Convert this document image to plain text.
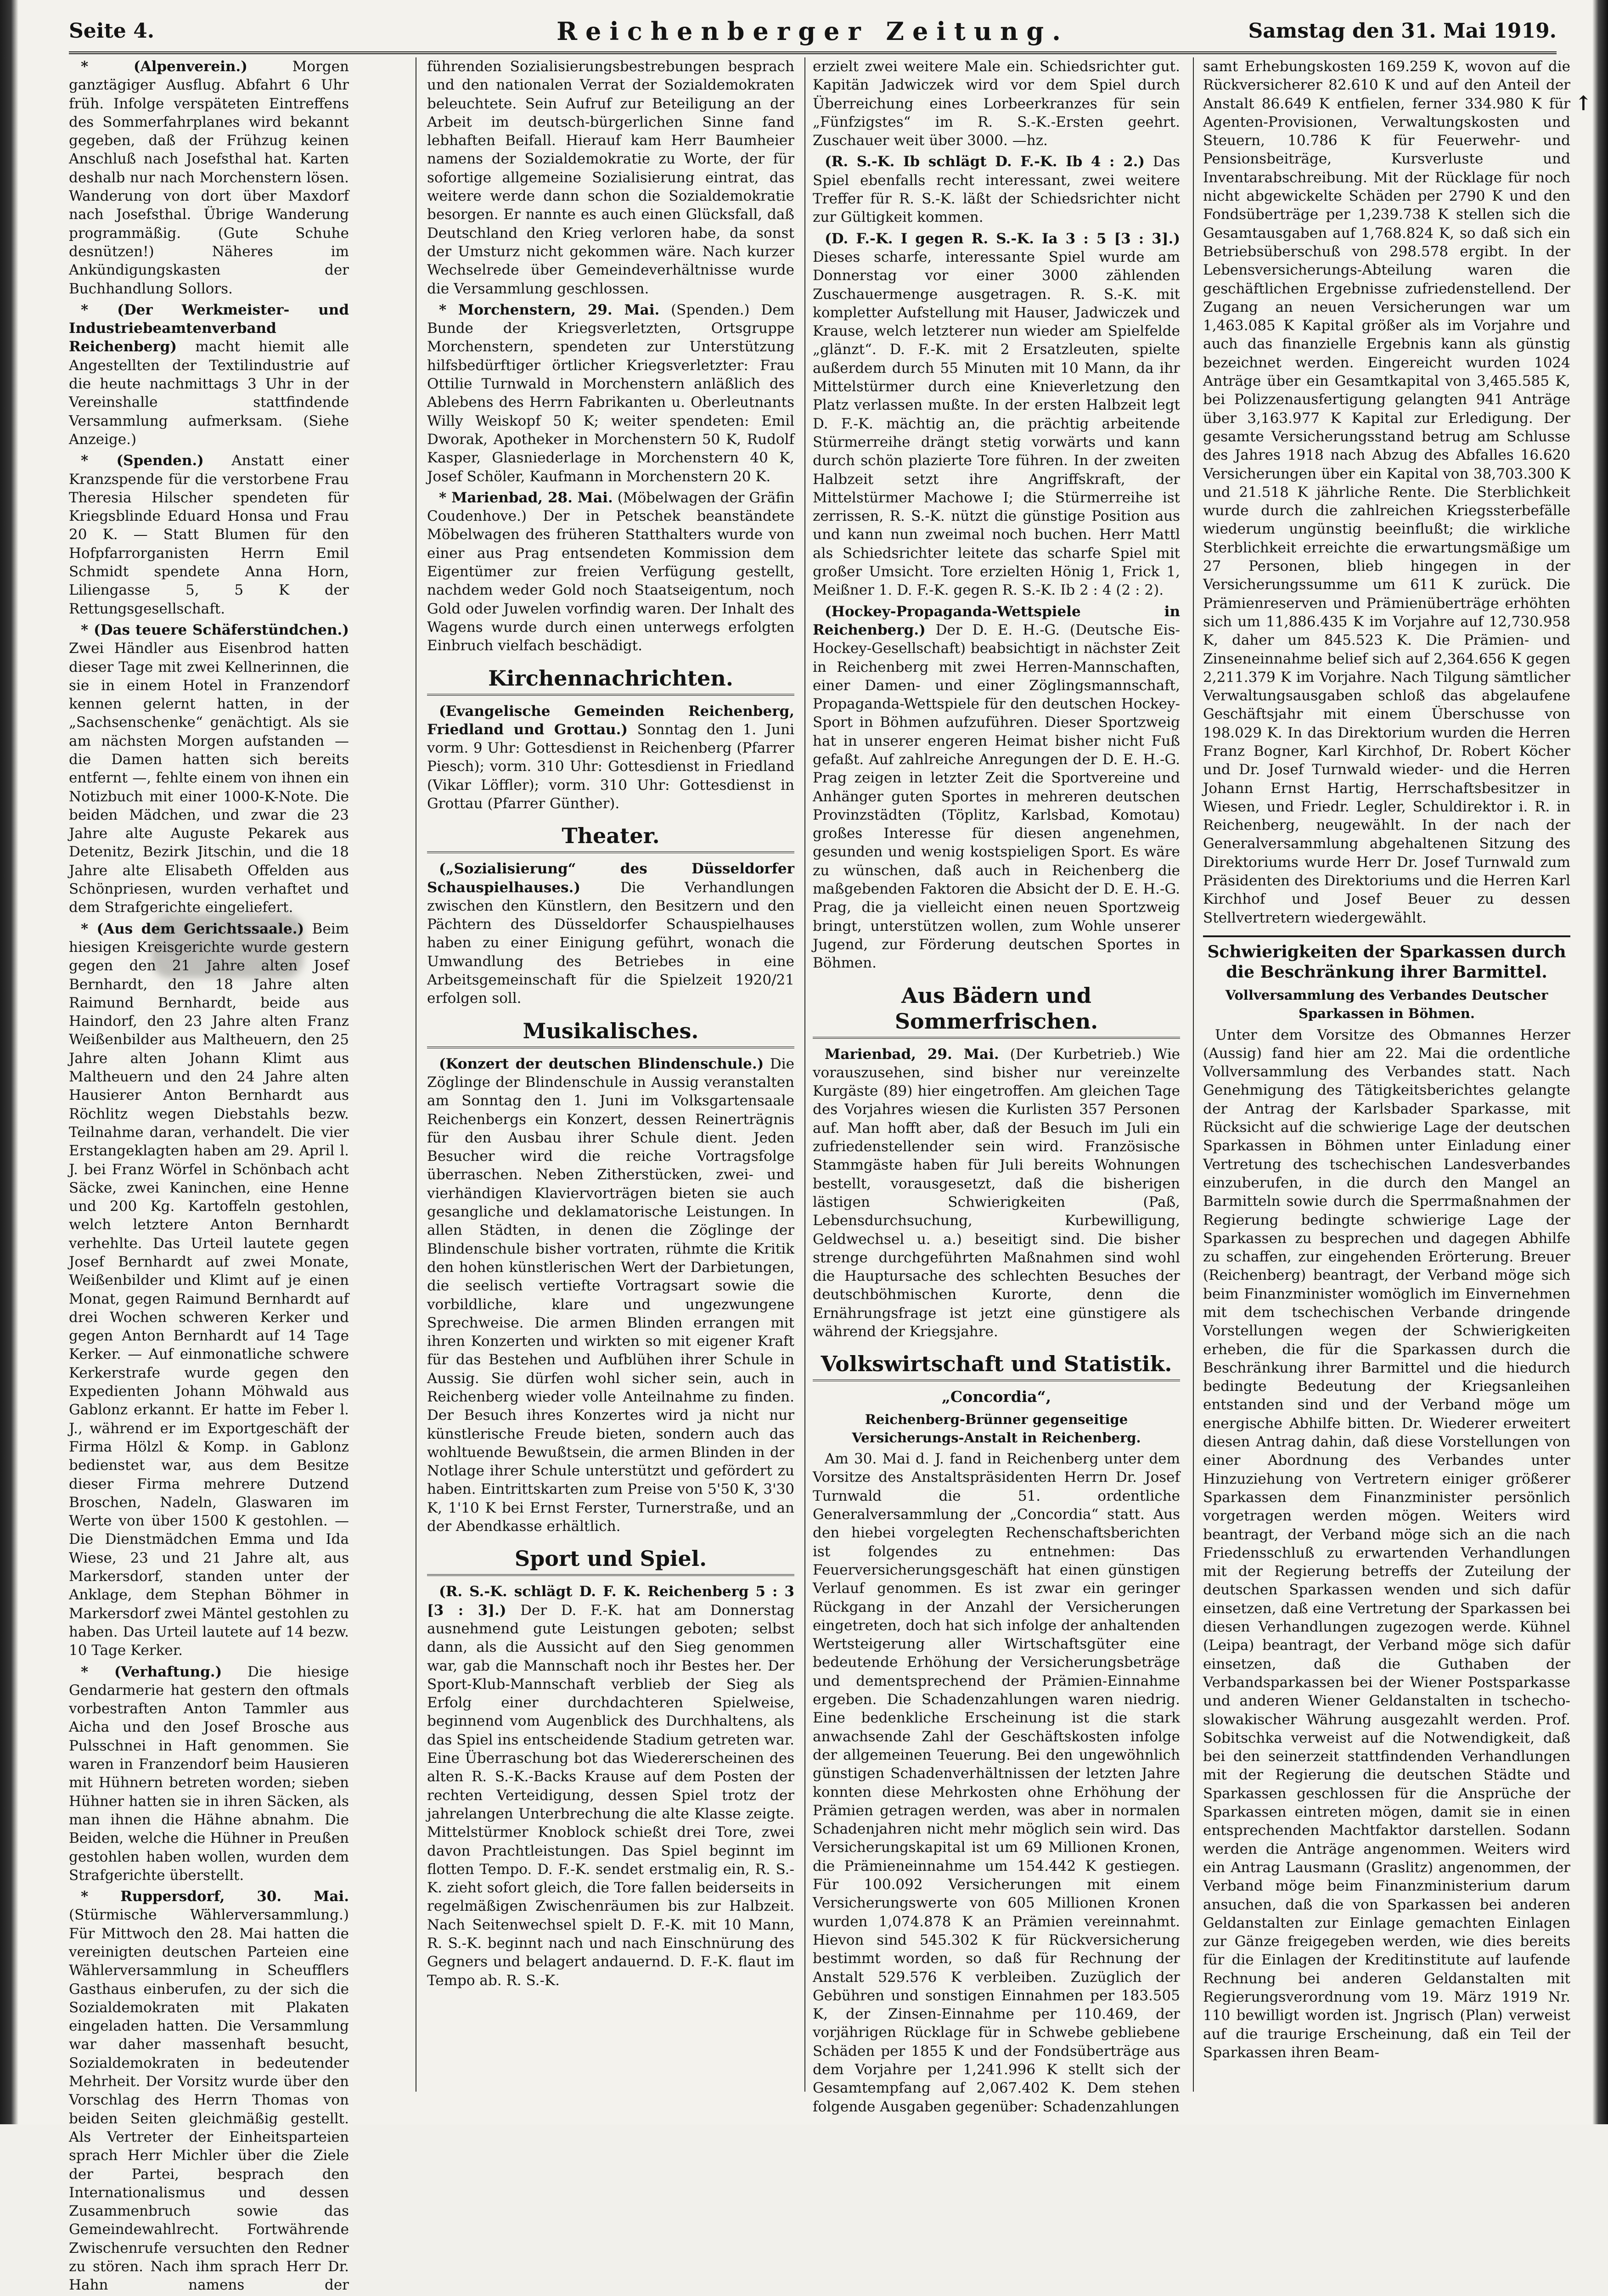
Seite 4.	Reichenberger Zeitung.	Samstag den 31. Mai 1919.
↑

* (Alpenverein.)	Morgen ganztägiger Ausflug. Abfahrt 6 Uhr früh. Infolge verspäteten Eintreffens des Sommerfahrplanes wird bekannt gegeben, daß der Frühzug keinen Anschluß nach Josefsthal hat. Karten deshalb nur nach Morchenstern lösen. Wanderung von dort über Maxdorf nach Josefsthal. Übrige Wanderung programmäßig. (Gute Schuhe desnützen!) Näheres im Ankündigungskasten der Buchhandlung Sollors.

* (Der Werkmeister- und Industriebeamtenverband Reichenberg) macht hiemit alle Angestellten der Textilindustrie auf die heute nachmittags 3 Uhr in der Vereinshalle stattfindende Versammlung aufmerksam. (Siehe Anzeige.)

* (Spenden.) Anstatt einer Kranzspende für die verstorbene Frau Theresia Hilscher spendeten für Kriegsblinde Eduard Honsa und Frau 20 K. — Statt Blumen für den Hofpfarrorganisten Herrn Emil Schmidt spendete Anna Horn, Liliengasse 5, 5 K der Rettungsgesellschaft.

* (Das teuere Schäferstündchen.) Zwei Händler aus Eisenbrod hatten dieser Tage mit zwei Kellnerinnen, die sie in einem Hotel in Franzendorf kennen gelernt hatten, in der „Sachsenschenke“ genächtigt. Als sie am nächsten Morgen aufstanden — die Damen hatten sich bereits entfernt —, fehlte einem von ihnen ein Notizbuch mit einer 1000-K-Note. Die beiden Mädchen, und zwar die 23 Jahre alte Auguste Pekarek aus Detenitz, Bezirk Jitschin, und die 18 Jahre alte Elisabeth Offelden aus Schönpriesen, wurden verhaftet und dem Strafgerichte eingeliefert.

* (Aus dem Gerichtssaale.) Beim hiesigen Kreisgerichte wurde gestern gegen den 21 Jahre alten Josef Bernhardt, den 18 Jahre alten Raimund Bernhardt, beide aus Haindorf, den 23 Jahre alten Franz Weißenbilder aus Maltheuern, den 25 Jahre alten Johann Klimt aus Maltheuern und den 24 Jahre alten Hausierer Anton Bernhardt aus Röchlitz wegen Diebstahls bezw. Teilnahme daran, verhandelt. Die vier Erstangeklagten haben am 29. April l. J. bei Franz Wörfel in Schönbach acht Säcke, zwei Kaninchen, eine Henne und 200 Kg. Kartoffeln gestohlen, welch letztere Anton Bernhardt verhehlte. Das Urteil lautete gegen Josef Bernhardt auf zwei Monate, Weißenbilder und Klimt auf je einen Monat, gegen Raimund Bernhardt auf drei Wochen schweren Kerker und gegen Anton Bernhardt auf 14 Tage Kerker. — Auf einmonatliche schwere Kerkerstrafe wurde gegen den Expedienten Johann Möhwald aus Gablonz erkannt. Er hatte im Feber l. J., während er im Exportgeschäft der Firma Hölzl & Komp. in Gablonz bedienstet war, aus dem Besitze dieser Firma mehrere Dutzend Broschen, Nadeln, Glaswaren im Werte von über 1500 K gestohlen. — Die Dienstmädchen Emma und Ida Wiese, 23 und 21 Jahre alt, aus Markersdorf, standen unter der Anklage, dem Stephan Böhmer in Markersdorf zwei Mäntel gestohlen zu haben. Das Urteil lautete auf 14 bezw. 10 Tage Kerker.

* (Verhaftung.) Die hiesige Gendarmerie hat gestern den oftmals vorbestraften Anton Tammler aus Aicha und den Josef Brosche aus Pulsschnei in Haft genommen. Sie waren in Franzendorf beim Hausieren mit Hühnern betreten worden; sieben Hühner hatten sie in ihren Säcken, als man ihnen die Hähne abnahm. Die Beiden, welche die Hühner in Preußen gestohlen haben wollen, wurden dem Strafgerichte überstellt.

* Ruppersdorf, 30. Mai. (Stürmische Wählerversammlung.) Für Mittwoch den 28. Mai hatten die vereinigten deutschen Parteien eine Wählerversammlung in Scheufflers Gasthaus einberufen, zu der sich die Sozialdemokraten mit Plakaten eingeladen hatten. Die Versammlung war daher massenhaft besucht, Sozialdemokraten in bedeutender Mehrheit. Der Vorsitz wurde über den Vorschlag des Herrn Thomas von beiden Seiten gleichmäßig gestellt. Als Vertreter der Einheitsparteien sprach Herr Michler über die Ziele der Partei, besprach den Internationalismus und dessen Zusammenbruch sowie das Gemeindewahlrecht. Fortwährende Zwischenrufe versuchten den Redner zu stören. Nach ihm sprach Herr Dr. Hahn namens der

führenden Sozialisierungsbestrebungen besprach und den nationalen Verrat der Sozialdemokraten beleuchtete. Sein Aufruf zur Beteiligung an der Arbeit im deutsch-bürgerlichen Sinne fand lebhaften Beifall. Hierauf kam Herr Baumheier namens der Sozialdemokratie zu Worte, der für sofortige allgemeine Sozialisierung eintrat, das weitere werde dann schon die Sozialdemokratie besorgen. Er nannte es auch einen Glücksfall, daß Deutschland den Krieg verloren habe, da sonst der Umsturz nicht gekommen wäre. Nach kurzer Wechselrede über Gemeindeverhältnisse wurde die Versammlung geschlossen.

* Morchenstern, 29. Mai. (Spenden.) Dem Bunde der Kriegsverletzten, Ortsgruppe Morchenstern, spendeten zur Unterstützung hilfsbedürftiger örtlicher Kriegsverletzter: Frau Ottilie Turnwald in Morchenstern anläßlich des Ablebens des Herrn Fabrikanten u. Oberleutnants Willy Weiskopf 50 K; weiter spendeten: Emil Dworak, Apotheker in Morchenstern 50 K, Rudolf Kasper, Glasniederlage in Morchenstern 40 K, Josef Schöler, Kaufmann in Morchenstern 20 K.

* Marienbad, 28. Mai. (Möbelwagen der Gräfin Coudenhove.) Der in Petschek beanständete Möbelwagen des früheren Statthalters wurde von einer aus Prag entsendeten Kommission dem Eigentümer zur freien Verfügung gestellt, nachdem weder Gold noch Staatseigentum, noch Gold oder Juwelen vorfindig waren. Der Inhalt des Wagens wurde durch einen unterwegs erfolgten Einbruch vielfach beschädigt.

Kirchennachrichten.

(Evangelische Gemeinden Reichenberg, Friedland und Grottau.) Sonntag den 1. Juni vorm. 9 Uhr: Gottesdienst in Reichenberg (Pfarrer Piesch); vorm. 310 Uhr: Gottesdienst in Friedland (Vikar Löffler); vorm. 310 Uhr: Gottesdienst in Grottau (Pfarrer Günther).

Theater.

(„Sozialisierung“ des Düsseldorfer Schauspielhauses.)	Die Verhandlungen zwischen den Künstlern, den Besitzern und den Pächtern des Düsseldorfer Schauspielhauses haben zu einer Einigung geführt, wonach die Umwandlung des Betriebes in eine Arbeitsgemeinschaft für die Spielzeit 1920/21 erfolgen soll.

Musikalisches.

(Konzert der deutschen Blindenschule.) Die Zöglinge der Blindenschule in Aussig veranstalten am Sonntag den 1. Juni im Volksgartensaale Reichenbergs ein Konzert, dessen Reinerträgnis für den Ausbau ihrer Schule dient. Jeden Besucher wird die reiche Vortragsfolge überraschen. Neben Zitherstücken, zwei- und vierhändigen Klaviervorträgen bieten sie auch gesangliche und deklamatorische Leistungen. In allen Städten, in denen die Zöglinge der Blindenschule bisher vortraten, rühmte die Kritik den hohen künstlerischen Wert der Darbietungen, die seelisch vertiefte Vortragsart sowie die vorbildliche, klare und ungezwungene Sprechweise. Die armen Blinden errangen mit ihren Konzerten und wirkten so mit eigener Kraft für das Bestehen und Aufblühen ihrer Schule in Aussig. Sie dürfen wohl sicher sein, auch in Reichenberg wieder volle Anteilnahme zu finden. Der Besuch ihres Konzertes wird ja nicht nur künstlerische Freude bieten, sondern auch das wohltuende Bewußtsein, die armen Blinden in der Notlage ihrer Schule unterstützt und gefördert zu haben. Eintrittskarten zum Preise von 5'50 K, 3'30 K, 1'10 K bei Ernst Ferster, Turnerstraße, und an der Abendkasse erhältlich.

Sport und Spiel.

(R. S.-K. schlägt D. F. K. Reichenberg 5 : 3 [3 : 3].) Der D. F.-K. hat am Donnerstag ausnehmend gute Leistungen geboten; selbst dann, als die Aussicht auf den Sieg genommen war, gab die Mannschaft noch ihr Bestes her. Der Sport-Klub-Mannschaft verblieb der Sieg als Erfolg einer durchdachteren Spielweise, beginnend vom Augenblick des Durchhaltens, als das Spiel ins entscheidende Stadium getreten war. Eine Überraschung bot das Wiedererscheinen des alten R. S.-K.-Backs Krause auf dem Posten der rechten Verteidigung, dessen Spiel trotz der jahrelangen Unterbrechung die alte Klasse zeigte. Mittelstürmer Knoblock schießt drei Tore, zwei davon Prachtleistungen. Das Spiel beginnt im flotten Tempo. D. F.-K. sendet erstmalig ein, R. S.-K. zieht sofort gleich, die Tore fallen beiderseits in regelmäßigen Zwischenräumen bis zur Halbzeit. Nach Seitenwechsel spielt D. F.-K. mit 10 Mann, R. S.-K. beginnt nach und nach Einschnürung des Gegners und belagert andauernd. D. F.-K. flaut im Tempo ab. R. S.-K.

erzielt zwei weitere Male ein. Schiedsrichter gut. Kapitän Jadwiczek wird vor dem Spiel durch Überreichung eines Lorbeerkranzes für sein „Fünfzigstes“ im R. S.-K.-Ersten geehrt. Zuschauer weit über 3000. —hz.

(R. S.-K. Ib schlägt D. F.-K. Ib 4 : 2.) Das Spiel ebenfalls recht interessant, zwei weitere Treffer für R. S.-K. läßt der Schiedsrichter nicht zur Gültigkeit kommen.

(D. F.-K. I gegen R. S.-K. Ia 3 : 5 [3 : 3].) Dieses scharfe, interessante Spiel wurde am Donnerstag vor einer 3000 zählenden Zuschauermenge ausgetragen. R. S.-K. mit kompletter Aufstellung mit Hauser, Jadwiczek und Krause, welch letzterer nun wieder am Spielfelde „glänzt“. D. F.-K. mit 2 Ersatzleuten, spielte außerdem durch 55 Minuten mit 10 Mann, da ihr Mittelstürmer durch eine Knieverletzung den Platz verlassen mußte. In der ersten Halbzeit legt D. F.-K. mächtig an, die prächtig arbeitende Stürmerreihe drängt stetig vorwärts und kann durch schön plazierte Tore führen. In der zweiten Halbzeit setzt ihre Angriffskraft, der Mittelstürmer Machowe I; die Stürmerreihe ist zerrissen, R. S.-K. nützt die günstige Position aus und kann nun zweimal noch buchen. Herr Mattl als Schiedsrichter leitete das scharfe Spiel mit großer Umsicht. Tore erzielten Hönig 1, Frick 1, Meißner 1. D. F.-K. gegen R. S.-K. Ib 2 : 4 (2 : 2).

(Hockey-Propaganda-Wettspiele in Reichenberg.) Der D. E. H.-G. (Deutsche Eis-Hockey-Gesellschaft) beabsichtigt in nächster Zeit in Reichenberg mit zwei Herren-Mannschaften, einer Damen- und einer Zöglingsmannschaft, Propaganda-Wettspiele für den deutschen Hockey-Sport in Böhmen aufzuführen. Dieser Sportzweig hat in unserer engeren Heimat bisher nicht Fuß gefaßt. Auf zahlreiche Anregungen der D. E. H.-G. Prag zeigen in letzter Zeit die Sportvereine und Anhänger guten Sportes in mehreren deutschen Provinzstädten (Töplitz, Karlsbad, Komotau) großes Interesse für diesen angenehmen, gesunden und wenig kostspieligen Sport. Es wäre zu wünschen, daß auch in Reichenberg die maßgebenden Faktoren die Absicht der D. E. H.-G. Prag, die ja vielleicht einen neuen Sportzweig bringt, unterstützen wollen, zum Wohle unserer Jugend, zur Förderung deutschen Sportes in Böhmen.

Aus Bädern und Sommerfrischen.

Marienbad, 29. Mai. (Der Kurbetrieb.) Wie vorauszusehen, sind bisher nur vereinzelte Kurgäste (89) hier eingetroffen. Am gleichen Tage des Vorjahres wiesen die Kurlisten 357 Personen auf. Man hofft aber, daß der Besuch im Juli ein zufriedenstellender sein wird. Französische Stammgäste haben für Juli bereits Wohnungen bestellt, vorausgesetzt, daß die bisherigen lästigen Schwierigkeiten (Paß, Lebensdurchsuchung, Kurbewilligung, Geldwechsel u. a.) beseitigt sind. Die bisher strenge durchgeführten Maßnahmen sind wohl die Hauptursache des schlechten Besuches der deutschböhmischen Kurorte, denn die Ernährungsfrage ist jetzt eine günstigere als während der Kriegsjahre.

Volkswirtschaft und Statistik.
„Concordia“,
Reichenberg-Brünner gegenseitige Versicherungs-Anstalt in Reichenberg.

Am 30. Mai d. J. fand in Reichenberg unter dem Vorsitze des Anstaltspräsidenten Herrn Dr. Josef Turnwald die 51. ordentliche Generalversammlung der „Concordia“ statt. Aus den hiebei vorgelegten Rechenschaftsberichten ist folgendes zu entnehmen: Das Feuerversicherungsgeschäft hat einen günstigen Verlauf genommen. Es ist zwar ein geringer Rückgang in der Anzahl der Versicherungen eingetreten, doch hat sich infolge der anhaltenden Wertsteigerung aller Wirtschaftsgüter eine bedeutende Erhöhung der Versicherungsbeträge und dementsprechend der Prämien-Einnahme ergeben. Die Schadenzahlungen waren niedrig. Eine bedenkliche Erscheinung ist die stark anwachsende Zahl der Geschäftskosten infolge der allgemeinen Teuerung. Bei den ungewöhnlich günstigen Schadenverhältnissen der letzten Jahre konnten diese Mehrkosten ohne Erhöhung der Prämien getragen werden, was aber in normalen Schadenjahren nicht mehr möglich sein wird. Das Versicherungskapital ist um 69 Millionen Kronen, die Prämieneinnahme um 154.442 K gestiegen. Für 100.092 Versicherungen mit einem Versicherungswerte von 605 Millionen Kronen wurden 1,074.878 K an Prämien vereinnahmt. Hievon sind 545.302 K für Rückversicherung bestimmt worden, so daß für Rechnung der Anstalt 529.576 K verbleiben. Zuzüglich der Gebühren und sonstigen Einnahmen per 183.505 K, der Zinsen-Einnahme per 110.469, der vorjährigen Rücklage für in Schwebe gebliebene Schäden per 1855 K und der Fondsüberträge aus dem Vorjahre per 1,241.996 K stellt sich der Gesamtempfang auf 2,067.402 K. Dem stehen folgende Ausgaben gegenüber: Schadenzahlungen

samt Erhebungskosten 169.259 K, wovon auf die Rückversicherer 82.610 K und auf den Anteil der Anstalt 86.649 K entfielen, ferner 334.980 K für Agenten-Provisionen, Verwaltungskosten und Steuern, 10.786 K für Feuerwehr- und Pensionsbeiträge, Kursverluste und Inventarabschreibung. Mit der Rücklage für noch nicht abgewickelte Schäden per 2790 K und den Fondsüberträge per 1,239.738 K stellen sich die Gesamtausgaben auf 1,768.824 K, so daß sich ein Betriebsüberschuß von 298.578 ergibt. In der Lebensversicherungs-Abteilung waren die geschäftlichen Ergebnisse zufriedenstellend. Der Zugang an neuen Versicherungen war um 1,463.085 K Kapital größer als im Vorjahre und auch das finanzielle Ergebnis kann als günstig bezeichnet werden. Eingereicht wurden 1024 Anträge über ein Gesamtkapital von 3,465.585 K, bei Polizzenausfertigung gelangten 941 Anträge über 3,163.977 K Kapital zur Erledigung. Der gesamte Versicherungsstand betrug am Schlusse des Jahres 1918 nach Abzug des Abfalles 16.620 Versicherungen über ein Kapital von 38,703.300 K und 21.518 K jährliche Rente. Die Sterblichkeit wurde durch die zahlreichen Kriegssterbefälle wiederum ungünstig beeinflußt; die wirkliche Sterblichkeit erreichte die erwartungsmäßige um 27 Personen, blieb hingegen in der Versicherungssumme um 611 K zurück. Die Prämienreserven und Prämienüberträge erhöhten sich um 11,886.435 K im Vorjahre auf 12,730.958 K, daher um 845.523 K. Die Prämien- und Zinseneinnahme belief sich auf 2,364.656 K gegen 2,211.379 K im Vorjahre. Nach Tilgung sämtlicher Verwaltungsausgaben schloß das abgelaufene Geschäftsjahr mit einem Überschusse von 198.029 K. In das Direktorium wurden die Herren Franz Bogner, Karl Kirchhof, Dr. Robert Köcher und Dr. Josef Turnwald wieder- und die Herren Johann Ernst Hartig, Herrschaftsbesitzer in Wiesen, und Friedr. Legler, Schuldirektor i. R. in Reichenberg, neugewählt. In der nach der Generalversammlung abgehaltenen Sitzung des Direktoriums wurde Herr Dr. Josef Turnwald zum Präsidenten des Direktoriums und die Herren Karl Kirchhof und Josef Beuer zu dessen Stellvertretern wiedergewählt.

Schwierigkeiten der Sparkassen durch die Beschränkung ihrer Barmittel.
Vollversammlung des Verbandes Deutscher Sparkassen in Böhmen.

Unter dem Vorsitze des Obmannes Herzer (Aussig) fand hier am 22. Mai die ordentliche Vollversammlung des Verbandes statt. Nach Genehmigung des Tätigkeitsberichtes gelangte der Antrag der Karlsbader Sparkasse, mit Rücksicht auf die schwierige Lage der deutschen Sparkassen in Böhmen unter Einladung einer Vertretung des tschechischen Landesverbandes einzuberufen, in die durch den Mangel an Barmitteln sowie durch die Sperrmaßnahmen der Regierung bedingte schwierige Lage der Sparkassen zu besprechen und dagegen Abhilfe zu schaffen, zur eingehenden Erörterung. Breuer (Reichenberg) beantragt, der Verband möge sich beim Finanzminister womöglich im Einvernehmen mit dem tschechischen Verbande dringende Vorstellungen wegen der Schwierigkeiten erheben, die für die Sparkassen durch die Beschränkung ihrer Barmittel und die hiedurch bedingte Bedeutung der Kriegsanleihen entstanden sind und der Verband möge um energische Abhilfe bitten. Dr. Wiederer erweitert diesen Antrag dahin, daß diese Vorstellungen von einer Abordnung des Verbandes unter Hinzuziehung von Vertretern einiger größerer Sparkassen dem Finanzminister persönlich vorgetragen werden mögen. Weiters wird beantragt, der Verband möge sich an die nach Friedensschluß zu erwartenden Verhandlungen mit der Regierung betreffs der Zuteilung der deutschen Sparkassen wenden und sich dafür einsetzen, daß eine Vertretung der Sparkassen bei diesen Verhandlungen zugezogen werde. Kühnel (Leipa) beantragt, der Verband möge sich dafür einsetzen, daß die Guthaben der Verbandsparkassen bei der Wiener Postsparkasse und anderen Wiener Geldanstalten in tschecho-slowakischer Währung ausgezahlt werden. Prof. Sobitschka verweist auf die Notwendigkeit, daß bei den seinerzeit stattfindenden Verhandlungen mit der Regierung die deutschen Städte und Sparkassen geschlossen für die Ansprüche der Sparkassen eintreten mögen, damit sie in einen entsprechenden Machtfaktor darstellen. Sodann werden die Anträge angenommen. Weiters wird ein Antrag Lausmann (Graslitz) angenommen, der Verband möge beim Finanzministerium darum ansuchen, daß die von Sparkassen bei anderen Geldanstalten zur Einlage gemachten Einlagen zur Gänze freigegeben werden, wie dies bereits für die Einlagen der Kreditinstitute auf laufende Rechnung bei anderen Geldanstalten mit Regierungsverordnung vom 19. März 1919 Nr. 110 bewilligt worden ist. Jngrisch (Plan) verweist auf die traurige Erscheinung, daß ein Teil der Sparkassen ihren Beam-
